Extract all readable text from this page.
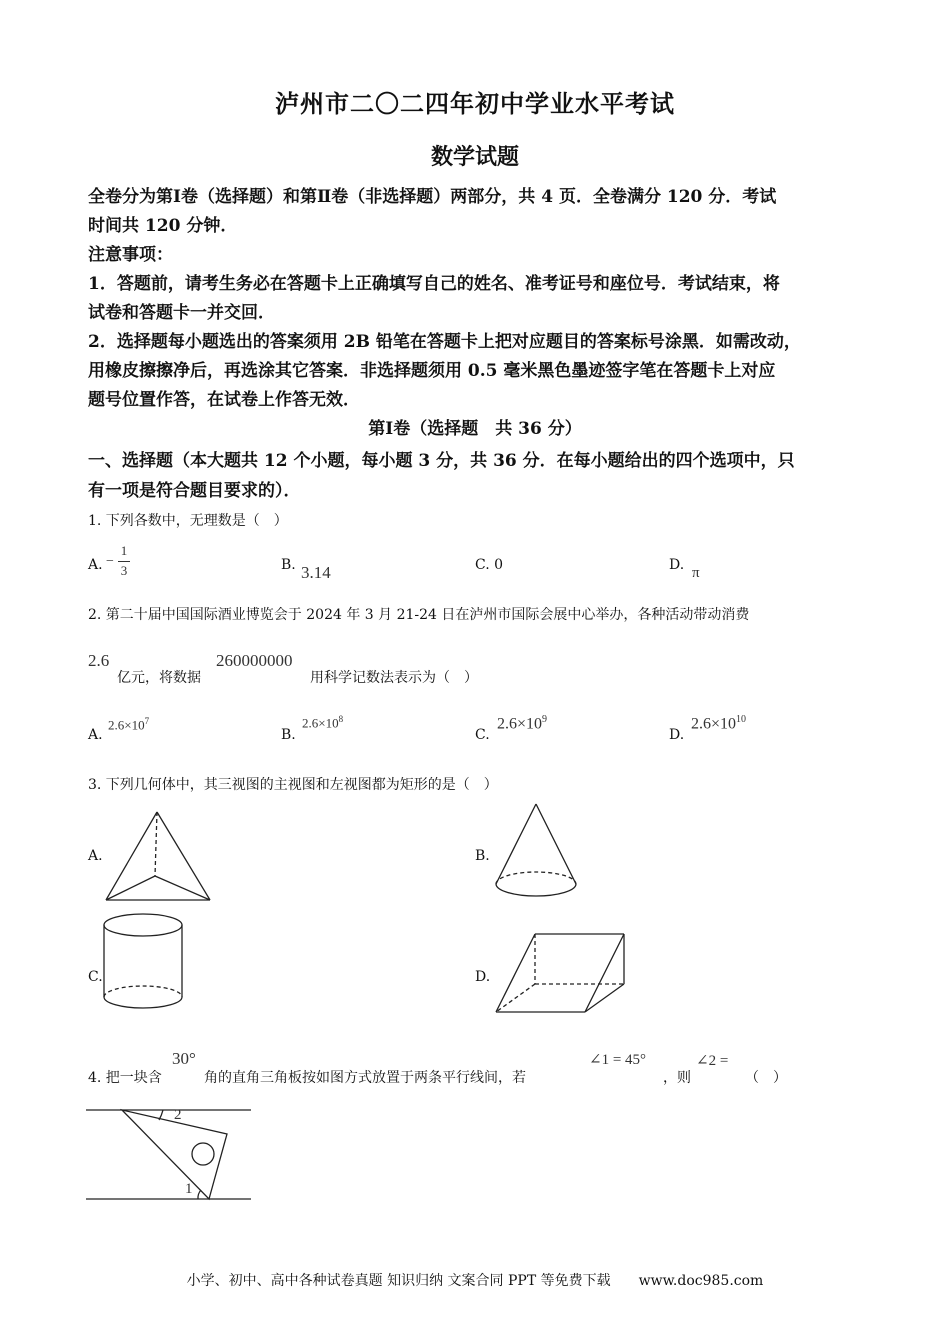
泸州市二〇二四年初中学业水平考试
数学试题
全卷分为第Ⅰ卷（选择题）和第Ⅱ卷（非选择题）两部分，共 4 页．全卷满分 120 分．考试
时间共 120 分钟．
注意事项：
1．答题前，请考生务必在答题卡上正确填写自己的姓名、准考证号和座位号．考试结束，将
试卷和答题卡一并交回．
2．选择题每小题选出的答案须用 2B 铅笔在答题卡上把对应题目的答案标号涂黑．如需改动，
用橡皮擦擦净后，再选涂其它答案．非选择题须用 0.5 毫米黑色墨迹签字笔在答题卡上对应
题号位置作答，在试卷上作答无效．
第Ⅰ卷（选择题　共 36 分）
一、选择题（本大题共 12 个小题，每小题 3 分，共 36 分．在每小题给出的四个选项中，只
有一项是符合题目要求的）．
1. 下列各数中，无理数是（　）
A. −
1
3	B. 3.14	C. 0	D. π
2. 第二十届中国国际酒业博览会于 2024 年 3 月 21-24 日在泸州市国际会展中心举办，各种活动带动消费
2.6
亿元，将数据
260000000
用科学记数法表示为（　）
A.
$2.6\times 10^7$
B.
$2.6\times 10^8$
C.
$2.6\times 10^9$
D.
$2.6\times 10^{10}$
3. 下列几何体中，其三视图的主视图和左视图都为矩形的是（　）
A.	B.
C.	D.
4. 把一块含
30°
角的直角三角板按如图方式放置于两条平行线间，若
∠1 = 45°
，则
∠2 =
（　）
2
1
小学、初中、高中各种试卷真题 知识归纳 文案合同 PPT 等免费下载　　www.doc985.com
